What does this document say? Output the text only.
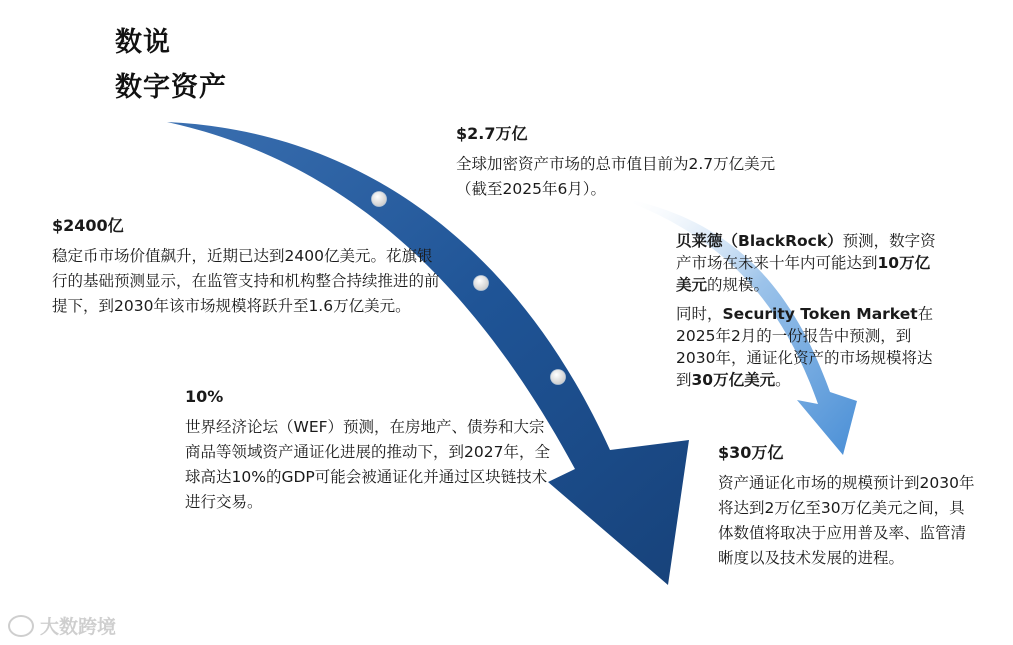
数说
数字资产
$2400亿

稳定币市场价值飙升，近期已达到2400亿美元。花旗银行的基础预测显示，在监管支持和机构整合持续推进的前提下，到2030年该市场规模将跃升至1.6万亿美元。

10%

世界经济论坛（WEF）预测，在房地产、债券和大宗商品等领域资产通证化进展的推动下，到2027年，全球高达10%的GDP可能会被通证化并通过区块链技术进行交易。

$2.7万亿

全球加密资产市场的总市值目前为2.7万亿美元

（截至2025年6月）。

贝莱德（BlackRock）预测，数字资产市场在未来十年内可能达到10万亿美元的规模。

同时，Security Token Market在2025年2月的一份报告中预测，到2030年，通证化资产的市场规模将达到30万亿美元。

$30万亿

资产通证化市场的规模预计到2030年将达到2万亿至30万亿美元之间，具体数值将取决于应用普及率、监管清晰度以及技术发展的进程。

大数跨境
